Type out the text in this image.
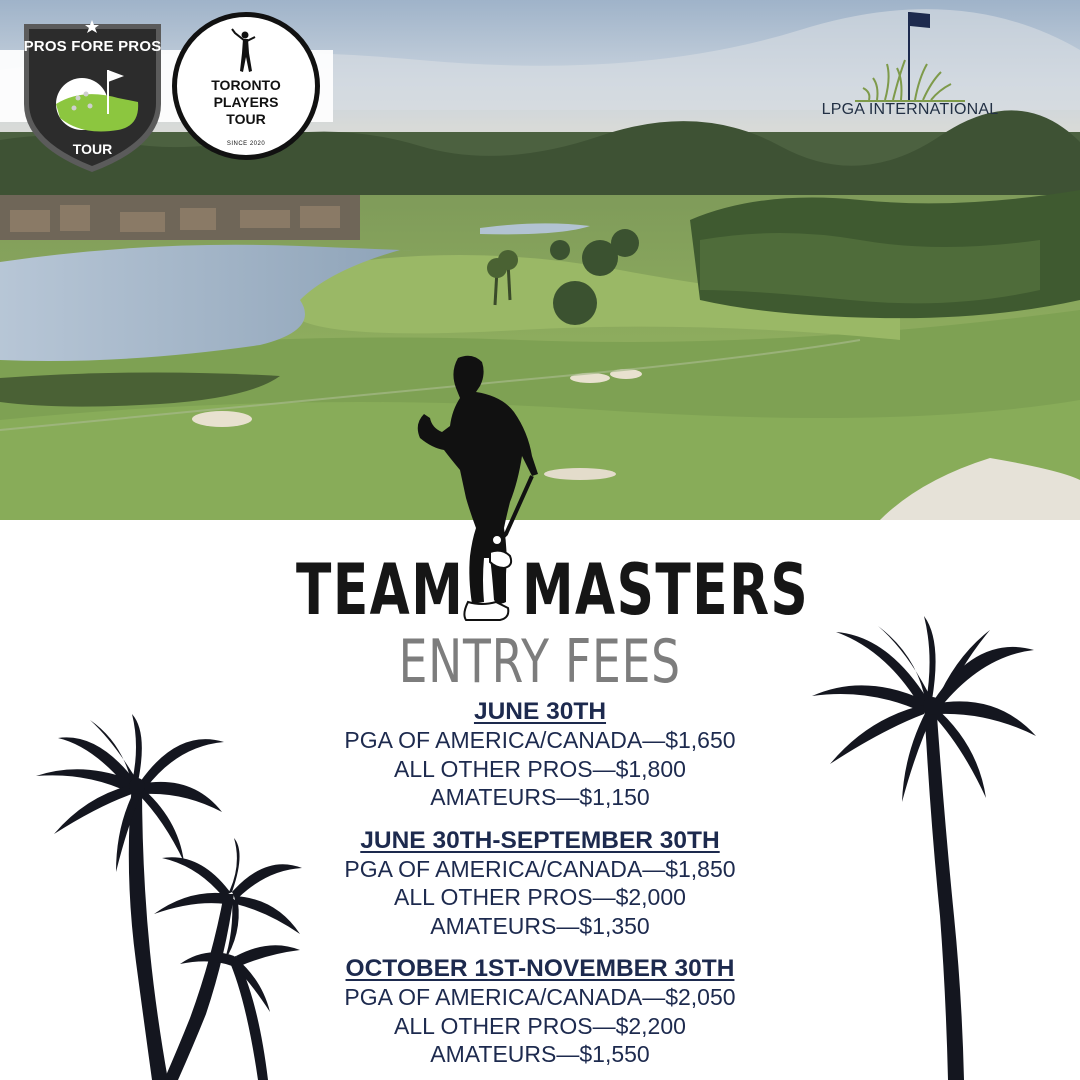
PROS FORE PROS
TOUR
TORONTO
PLAYERS
TOUR
SINCE 2020
LPGA INTERNATIONAL
TEAM MASTERS
ENTRY FEES
JUNE 30TH
PGA OF AMERICA/CANADA—$1,650
ALL OTHER PROS—$1,800
AMATEURS—$1,150
JUNE 30TH-SEPTEMBER 30TH
PGA OF AMERICA/CANADA—$1,850
ALL OTHER PROS—$2,000
AMATEURS—$1,350
OCTOBER 1ST-NOVEMBER 30TH
PGA OF AMERICA/CANADA—$2,050
ALL OTHER PROS—$2,200
AMATEURS—$1,550
